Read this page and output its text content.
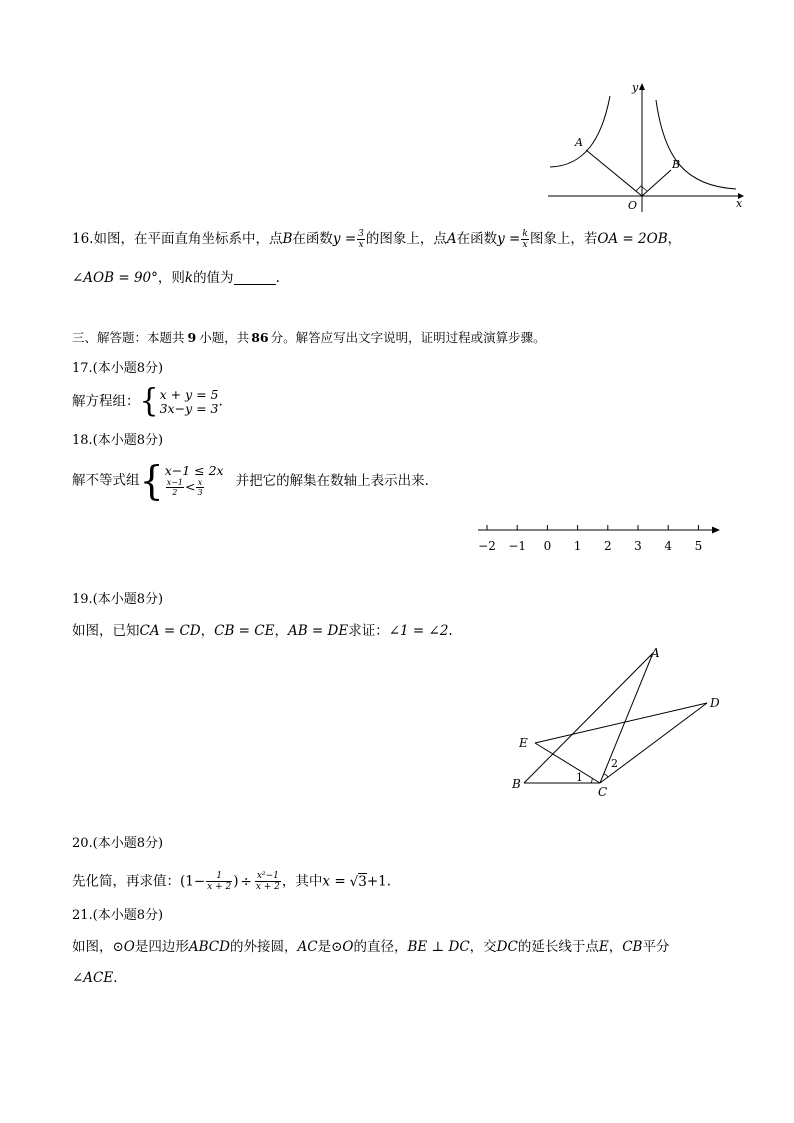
y
x
O
A
B
16.如图，在平面直角坐标系中，点B在函数$y = \frac{3}{x}$ 的图象上，点A在函数$y = \frac{k}{x}$ 图象上，若OA = 2OB，
∠AOB = 90°，则k的值为	.
三、解答题：本题共 9 小题，共 86 分。解答应写出文字说明，证明过程或演算步骤。
17.(本小题8分)
解方程组：{ x + y = 5
3x−y = 3 .
18.(本小题8分)
解不等式组{ x−1 ≤ 2x
$\frac{x-1}{2} < \frac{x}{3}$ 并把它的解集在数轴上表示出来.
−2 −1 0 1 2 3 4 5
19.(本小题8分)
如图，已知CA = CD，CB = CE，AB = DE求证：∠1 = ∠2.
A
D
E
B
C
1
2
20.(本小题8分)
先化简，再求值：($1- \frac{1}{x + 2}$ ) ÷ $\frac{\text{x²−1}}{x + 2}$ ，其中x = √3+1.
21.(本小题8分)
如图，⊙O是四边形ABCD的外接圆，AC是⊙O的直径，BE ⊥ DC，交DC的延长线于点E，CB平分
∠ACE.
